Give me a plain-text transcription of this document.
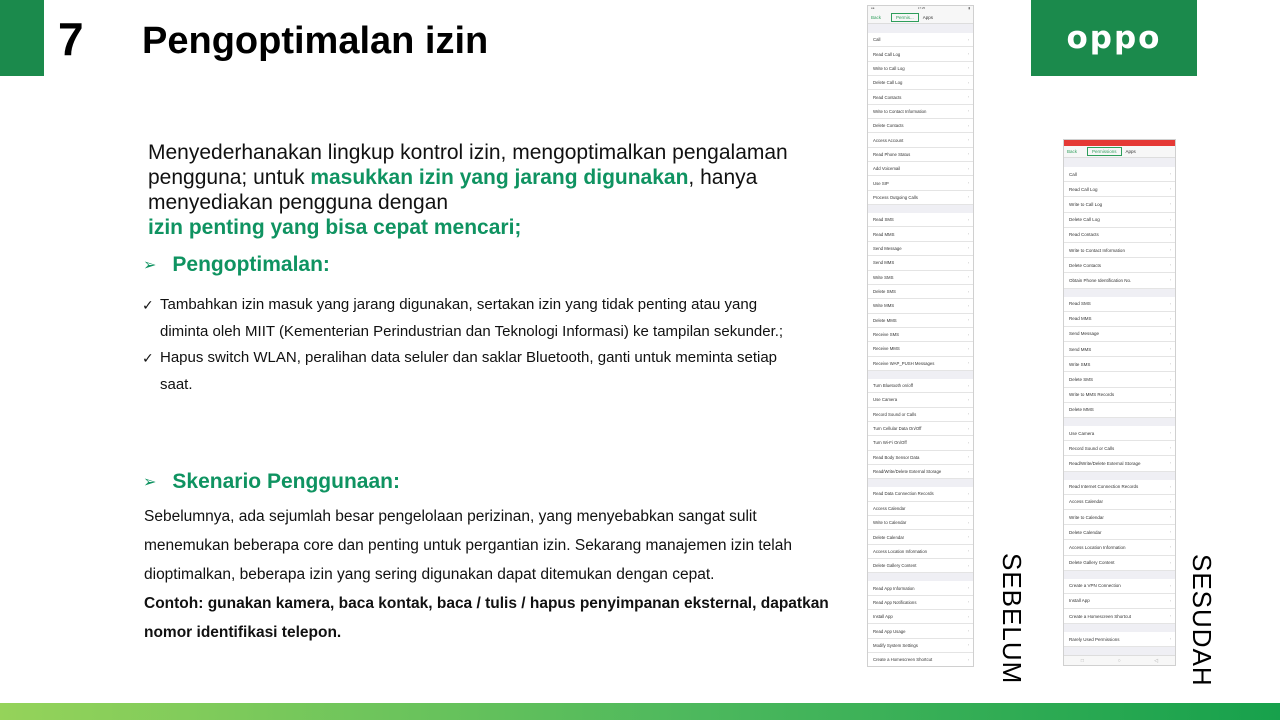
7 Pengoptimalan izin	oppo

Menyederhanakan lingkup kontrol izin, mengoptimalkan pengalaman pengguna; untuk masukkan izin yang jarang digunakan, hanya menyediakan pengguna dengan
izin penting yang bisa cepat mencari;

➢ Pengoptimalan:
✓ Tambahkan izin masuk yang jarang digunakan, sertakan izin yang tidak penting atau yang diminta oleh MIIT (Kementerian Perindustrian dan Teknologi Informasi) ke tampilan sekunder.;
✓ Hapus switch WLAN, peralihan data seluler dan saklar Bluetooth, ganti untuk meminta setiap saat.
➢ Skenario Penggunaan:

Sebelumnya, ada sejumlah besar pengelolaan perizinan, yang menyebabkan sangat sulit menemukan beberapa core dan penting untuk pergantian izin. Sekarang manajemen izin telah dioptimalkan, beberapa izin yang sering digunakan dapat ditemukan dengan cepat.

Contoh: gunakan kamera, baca kontak, baca / tulis / hapus penyimpanan eksternal, dapatkan nomor identifikasi telepon.

●●	17:25	▮
Back	Permis...	Apps
Call	›
Read Call Log	›
Write to Call Log	›
Delete Call Log	›
Read Contacts	›
Write to Contact Information	›
Delete Contacts	›
Access Account	›
Read Phone Status	›
Add Voicemail	›
Use SIP	›
Process Outgoing Calls	›
Read SMS	›
Read MMS	›
Send Message	›
Send MMS	›
Write SMS	›
Delete SMS	›
Write MMS	›
Delete MMS	›
Receive SMS	›
Receive MMS	›
Receive WAP_PUSH Messages	›
Turn Bluetooth on/off	›
Use Camera	›
Record Sound or Calls	›
Turn Cellular Data On/Off	›
Turn Wi-Fi On/Off	›
Read Body Sensor Data	›
Read/Write/Delete External Storage	›
Read Data Connection Records	›
Access Calendar	›
Write to Calendar	›
Delete Calendar	›
Access Location Information	›
Delete Gallery Content	›
Read App Information	›
Read App Notifications	›
Install App	›
Read App Usage	›
Modify System Settings	›
Create a Homescreen Shortcut	›
Back	Permissions	Apps
Call	›
Read Call Log	›
Write to Call Log	›
Delete Call Log	›
Read Contacts	›
Write to Contact Information	›
Delete Contacts	›
Obtain Phone Identification No.	›
Read SMS	›
Read MMS	›
Send Message	›
Send MMS	›
Write SMS	›
Delete SMS	›
Write to MMS Records	›
Delete MMS	›
Use Camera	›
Record Sound or Calls	›
Read/Write/Delete External Storage	›
Read Internet Connection Records	›
Access Calendar	›
Write to Calendar	›
Delete Calendar	›
Access Location Information	›
Delete Gallery Content	›
Create a VPN Connection	›
Install App	›
Create a Homescreen Shortcut	›
Rarely Used Permissions	›
□	○	◁
SEBELUM	SESUDAH
